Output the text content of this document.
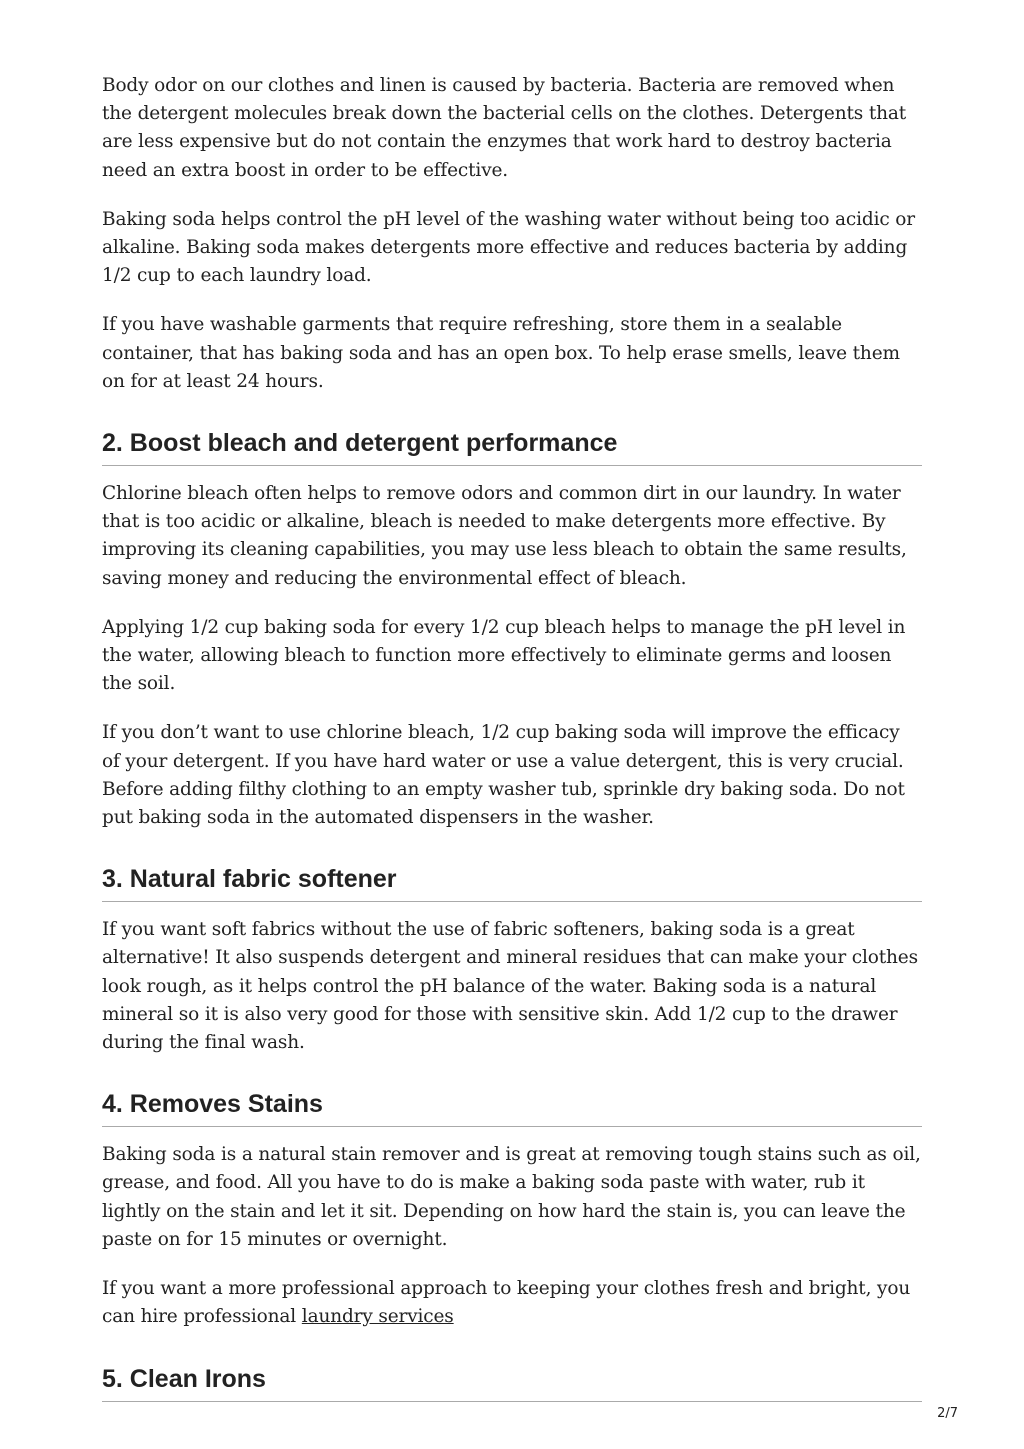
Body odor on our clothes and linen is caused by bacteria. Bacteria are removed when the detergent molecules break down the bacterial cells on the clothes. Detergents that are less expensive but do not contain the enzymes that work hard to destroy bacteria need an extra boost in order to be effective.

Baking soda helps control the pH level of the washing water without being too acidic or alkaline. Baking soda makes detergents more effective and reduces bacteria by adding 1/2 cup to each laundry load.

If you have washable garments that require refreshing, store them in a sealable container, that has baking soda and has an open box. To help erase smells, leave them on for at least 24 hours.

2. Boost bleach and detergent performance

Chlorine bleach often helps to remove odors and common dirt in our laundry. In water that is too acidic or alkaline, bleach is needed to make detergents more effective. By improving its cleaning capabilities, you may use less bleach to obtain the same results, saving money and reducing the environmental effect of bleach.

Applying 1/2 cup baking soda for every 1/2 cup bleach helps to manage the pH level in the water, allowing bleach to function more effectively to eliminate germs and loosen the soil.

If you don’t want to use chlorine bleach, 1/2 cup baking soda will improve the efficacy of your detergent. If you have hard water or use a value detergent, this is very crucial. Before adding filthy clothing to an empty washer tub, sprinkle dry baking soda. Do not put baking soda in the automated dispensers in the washer.

3. Natural fabric softener

If you want soft fabrics without the use of fabric softeners, baking soda is a great alternative! It also suspends detergent and mineral residues that can make your clothes look rough, as it helps control the pH balance of the water. Baking soda is a natural mineral so it is also very good for those with sensitive skin. Add 1/2 cup to the drawer during the final wash.

4. Removes Stains

Baking soda is a natural stain remover and is great at removing tough stains such as oil, grease, and food. All you have to do is make a baking soda paste with water, rub it lightly on the stain and let it sit. Depending on how hard the stain is, you can leave the paste on for 15 minutes or overnight.

If you want a more professional approach to keeping your clothes fresh and bright, you can hire professional laundry services

5. Clean Irons
2/7
